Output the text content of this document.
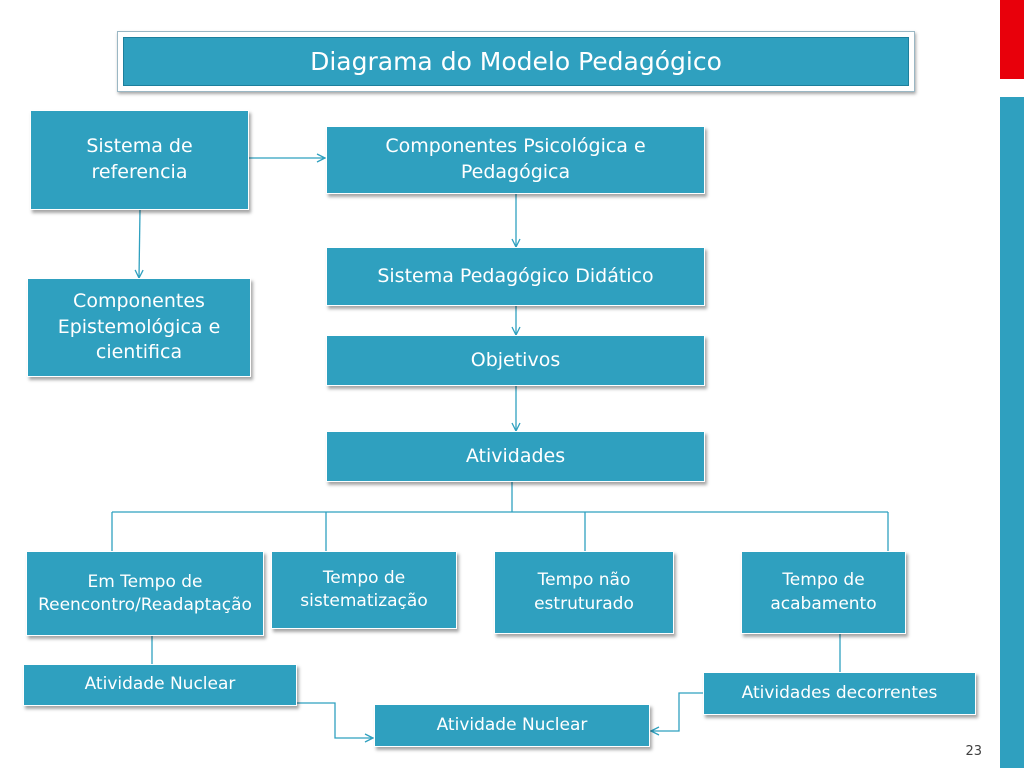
Diagrama do Modelo Pedagógico
Sistema de referencia
Componentes Psicológica e Pedagógica
Componentes Epistemológica e cientifica
Sistema Pedagógico Didático
Objetivos
Atividades
Em Tempo de Reencontro/Readaptação
Tempo de sistematização
Tempo não estruturado
Tempo de acabamento
Atividade Nuclear	Atividades decorrentes
Atividade Nuclear
23
